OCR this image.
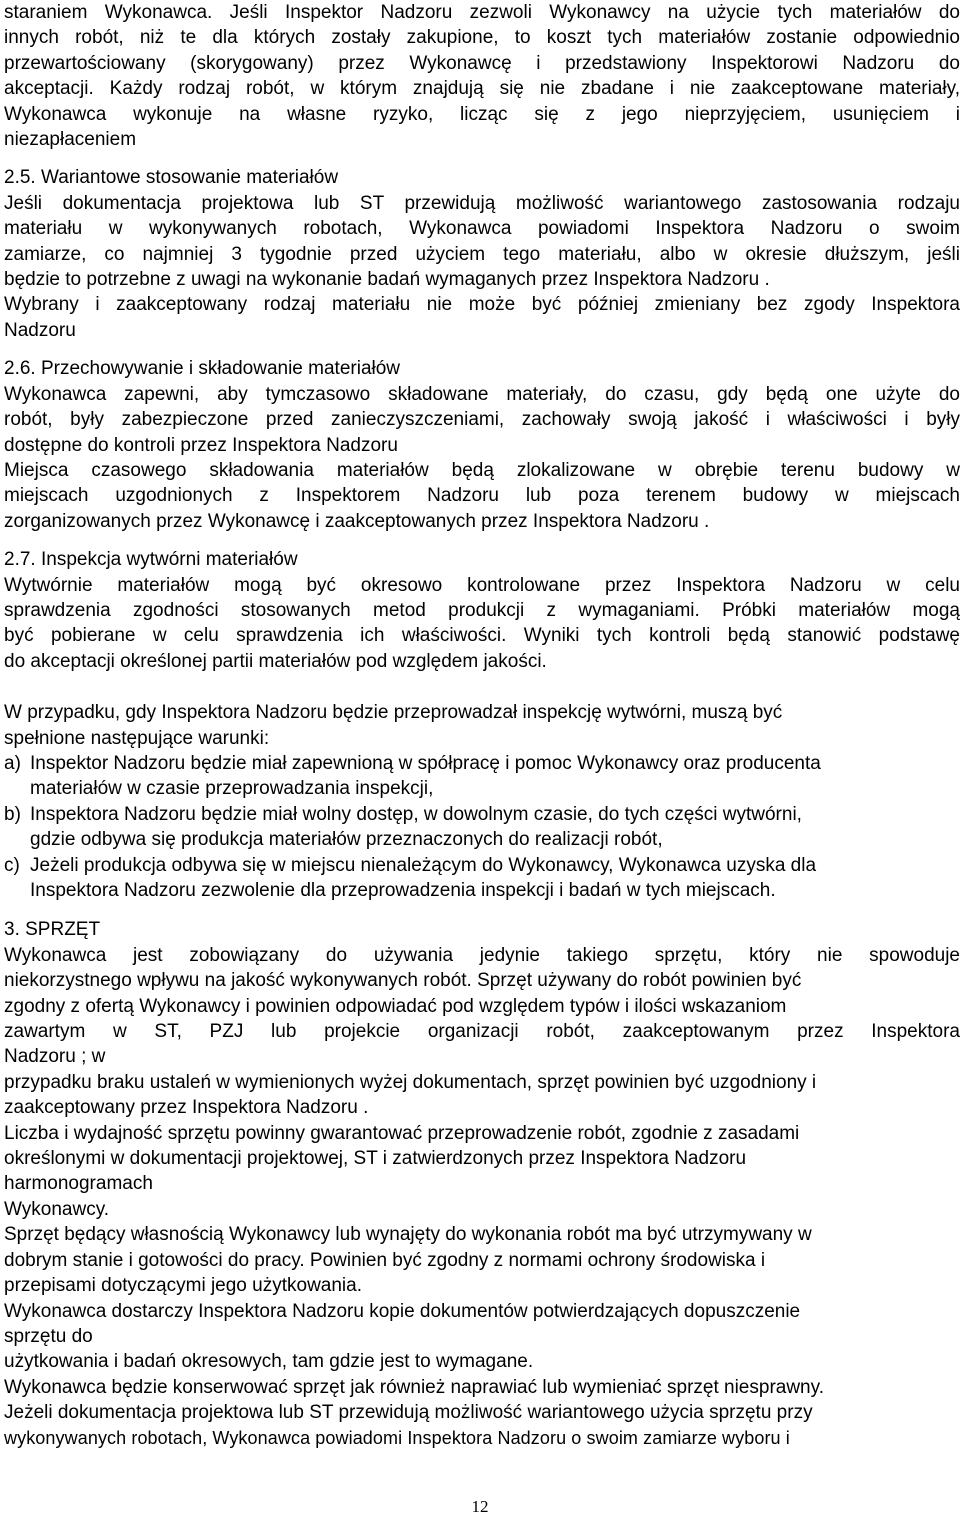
staraniem Wykonawca. Jeśli Inspektor Nadzoru zezwoli Wykonawcy na użycie tych materiałów do
innych robót, niż te dla których zostały zakupione, to koszt tych materiałów zostanie odpowiednio
przewartościowany (skorygowany) przez Wykonawcę i przedstawiony Inspektorowi Nadzoru do
akceptacji. Każdy rodzaj robót, w którym znajdują się nie zbadane i nie zaakceptowane materiały,
Wykonawca wykonuje na własne ryzyko, licząc się z jego nieprzyjęciem, usunięciem i
niezapłaceniem

2.5. Wariantowe stosowanie materiałów

Jeśli dokumentacja projektowa lub ST przewidują możliwość wariantowego zastosowania rodzaju
materiału w wykonywanych robotach, Wykonawca powiadomi Inspektora Nadzoru o swoim
zamiarze, co najmniej 3 tygodnie przed użyciem tego materiału, albo w okresie dłuższym, jeśli
będzie to potrzebne z uwagi na wykonanie badań wymaganych przez Inspektora Nadzoru .
Wybrany i zaakceptowany rodzaj materiału nie może być później zmieniany bez zgody Inspektora
Nadzoru

2.6. Przechowywanie i składowanie materiałów

Wykonawca zapewni, aby tymczasowo składowane materiały, do czasu, gdy będą one użyte do
robót, były zabezpieczone przed zanieczyszczeniami, zachowały swoją jakość i właściwości i były
dostępne do kontroli przez Inspektora Nadzoru
Miejsca czasowego składowania materiałów będą zlokalizowane w obrębie terenu budowy w
miejscach uzgodnionych z Inspektorem Nadzoru lub poza terenem budowy w miejscach
zorganizowanych przez Wykonawcę i zaakceptowanych przez Inspektora Nadzoru .

2.7. Inspekcja wytwórni materiałów

Wytwórnie materiałów mogą być okresowo kontrolowane przez Inspektora Nadzoru w celu
sprawdzenia zgodności stosowanych metod produkcji z wymaganiami. Próbki materiałów mogą
być pobierane w celu sprawdzenia ich właściwości. Wyniki tych kontroli będą stanowić podstawę
do akceptacji określonej partii materiałów pod względem jakości.

W przypadku, gdy Inspektora Nadzoru będzie przeprowadzał inspekcję wytwórni, muszą być
spełnione następujące warunki:

a) Inspektor Nadzoru będzie miał zapewnioną w spółpracę i pomoc Wykonawcy oraz producenta
materiałów w czasie przeprowadzania inspekcji,

b) Inspektora Nadzoru będzie miał wolny dostęp, w dowolnym czasie, do tych części wytwórni,
gdzie odbywa się produkcja materiałów przeznaczonych do realizacji robót,

c) Jeżeli produkcja odbywa się w miejscu nienależącym do Wykonawcy, Wykonawca uzyska dla
Inspektora Nadzoru zezwolenie dla przeprowadzenia inspekcji i badań w tych miejscach.

3. SPRZĘT

Wykonawca jest zobowiązany do używania jedynie takiego sprzętu, który nie spowoduje
niekorzystnego wpływu na jakość wykonywanych robót. Sprzęt używany do robót powinien być
zgodny z ofertą Wykonawcy i powinien odpowiadać pod względem typów i ilości wskazaniom
zawartym w ST, PZJ lub projekcie organizacji robót, zaakceptowanym przez Inspektora
Nadzoru ; w
przypadku braku ustaleń w wymienionych wyżej dokumentach, sprzęt powinien być uzgodniony i
zaakceptowany przez Inspektora Nadzoru .
Liczba i wydajność sprzętu powinny gwarantować przeprowadzenie robót, zgodnie z zasadami
określonymi w dokumentacji projektowej, ST i zatwierdzonych przez Inspektora Nadzoru
harmonogramach
Wykonawcy.
Sprzęt będący własnością Wykonawcy lub wynajęty do wykonania robót ma być utrzymywany w
dobrym stanie i gotowości do pracy. Powinien być zgodny z normami ochrony środowiska i
przepisami dotyczącymi jego użytkowania.
Wykonawca dostarczy Inspektora Nadzoru kopie dokumentów potwierdzających dopuszczenie
sprzętu do
użytkowania i badań okresowych, tam gdzie jest to wymagane.
Wykonawca będzie konserwować sprzęt jak również naprawiać lub wymieniać sprzęt niesprawny.
Jeżeli dokumentacja projektowa lub ST przewidują możliwość wariantowego użycia sprzętu przy
wykonywanych robotach, Wykonawca powiadomi Inspektora Nadzoru o swoim zamiarze wyboru i

12
